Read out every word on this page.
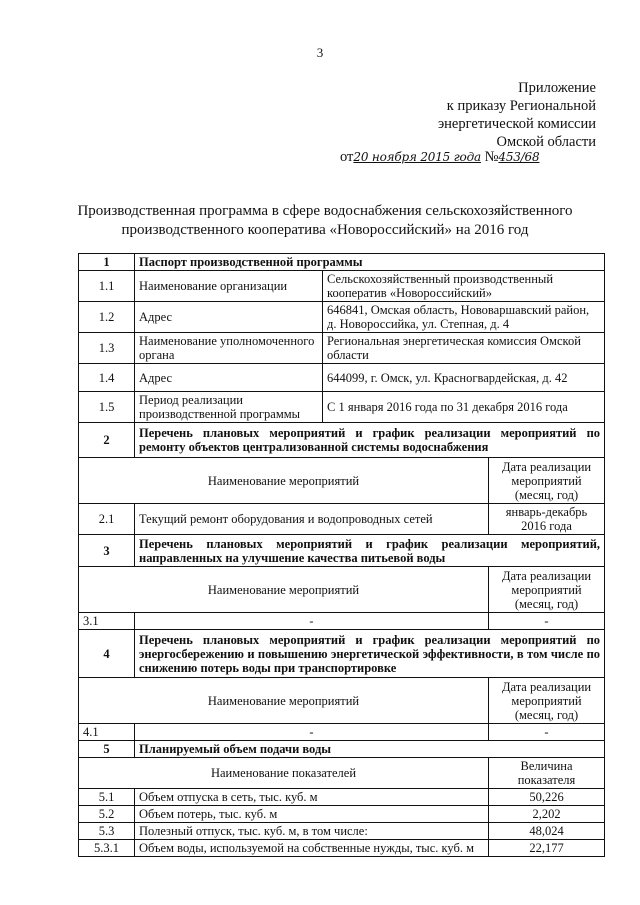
3
Приложение
к приказу Региональной
энергетической комиссии
Омской области
от20 ноября 2015 года №453/68
Производственная программа в сфере водоснабжения сельскохозяйственного производственного кооператива «Новороссийский» на 2016 год
1	Паспорт производственной программы		
1.1	Наименование организации	Сельскохозяйственный производственный кооператив «Новороссийский»	
1.2	Адрес	646841, Омская область, Нововаршавский район, д. Новороссийка, ул. Степная, д. 4	
1.3	Наименование уполномоченного органа	Региональная энергетическая комиссия Омской области	
1.4	Адрес	644099, г. Омск, ул. Красногвардейская, д. 42	
1.5	Период реализации производственной программы	С 1 января 2016 года по 31 декабря 2016 года	
2	Перечень плановых мероприятий и график реализации мероприятий по ремонту объектов централизованной системы водоснабжения		
Наименование мероприятий			Дата реализации мероприятий (месяц, год)
2.1	Текущий ремонт оборудования и водопроводных сетей		январь-декабрь 2016 года
3	Перечень плановых мероприятий и график реализации мероприятий, направленных на улучшение качества питьевой воды		
Наименование мероприятий			Дата реализации мероприятий (месяц, год)
3.1	-		-
4	Перечень плановых мероприятий и график реализации мероприятий по энергосбережению и повышению энергетической эффективности, в том числе по снижению потерь воды при транспортировке		
Наименование мероприятий			Дата реализации мероприятий (месяц, год)
4.1	-		-
5	Планируемый объем подачи воды		
Наименование показателей			Величина показателя
5.1	Объем отпуска в сеть, тыс. куб. м		50,226
5.2	Объем потерь, тыс. куб. м		2,202
5.3	Полезный отпуск, тыс. куб. м, в том числе:		48,024
5.3.1	Объем воды, используемой на собственные нужды, тыс. куб. м		22,177
